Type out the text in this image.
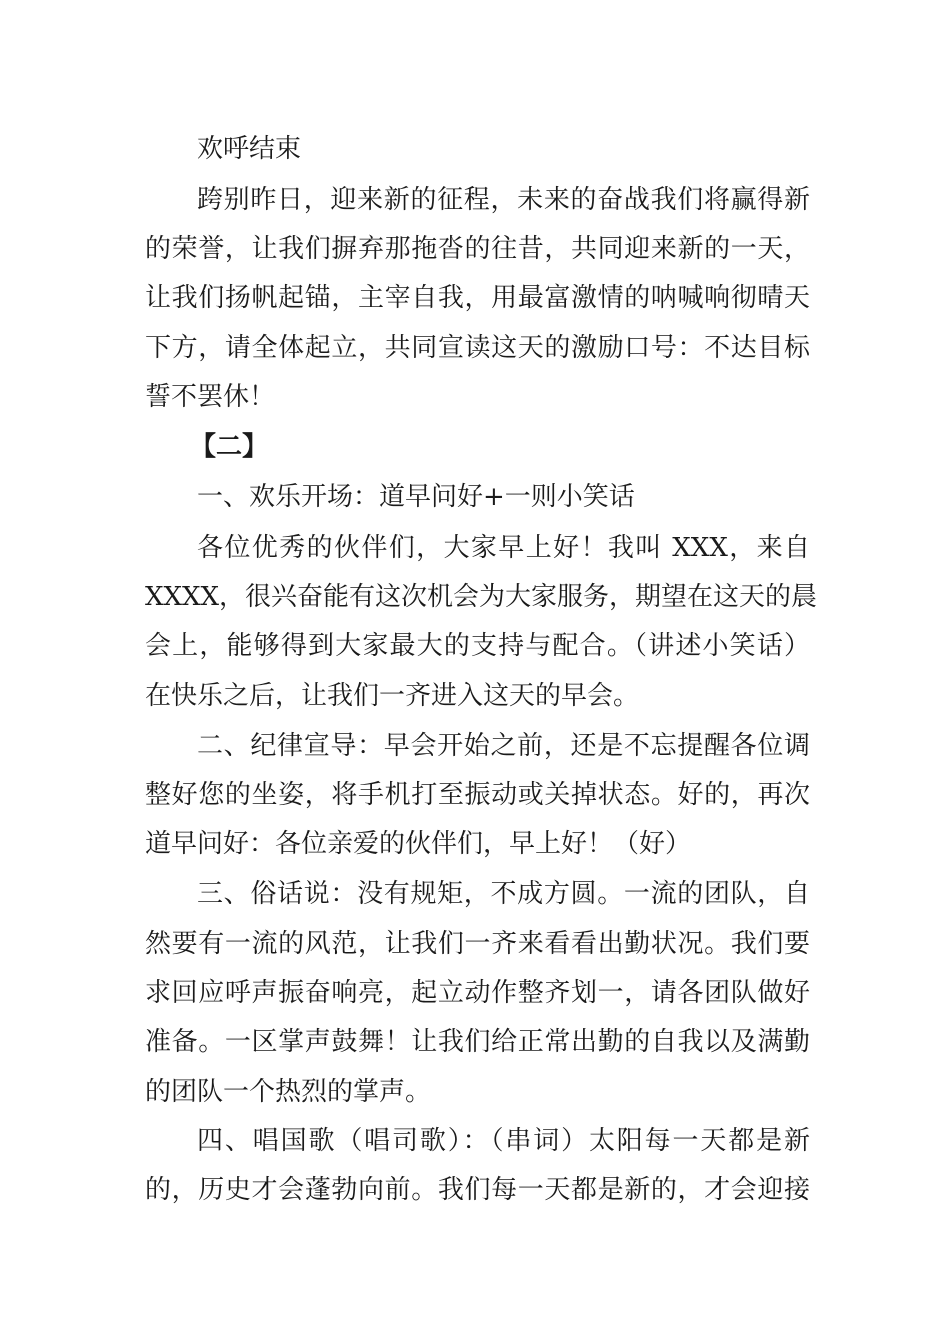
欢呼结束
跨别昨日，迎来新的征程，未来的奋战我们将赢得新
的荣誉，让我们摒弃那拖沓的往昔，共同迎来新的一天，
让我们扬帆起锚，主宰自我，用最富激情的呐喊响彻晴天
下方，请全体起立，共同宣读这天的激励口号：不达目标
誓不罢休！
【二】
一、欢乐开场：道早问好+一则小笑话
各位优秀的伙伴们，大家早上好！我叫 XXX，来自
XXXX，很兴奋能有这次机会为大家服务，期望在这天的晨
会上，能够得到大家最大的支持与配合。（讲述小笑话）
在快乐之后，让我们一齐进入这天的早会。
二、纪律宣导：早会开始之前，还是不忘提醒各位调
整好您的坐姿，将手机打至振动或关掉状态。好的，再次
道早问好：各位亲爱的伙伴们，早上好！（好）
三、俗话说：没有规矩，不成方圆。一流的团队，自
然要有一流的风范，让我们一齐来看看出勤状况。我们要
求回应呼声振奋响亮，起立动作整齐划一，请各团队做好
准备。一区掌声鼓舞！让我们给正常出勤的自我以及满勤
的团队一个热烈的掌声。
四、唱国歌（唱司歌）：（串词）太阳每一天都是新
的，历史才会蓬勃向前。我们每一天都是新的，才会迎接
